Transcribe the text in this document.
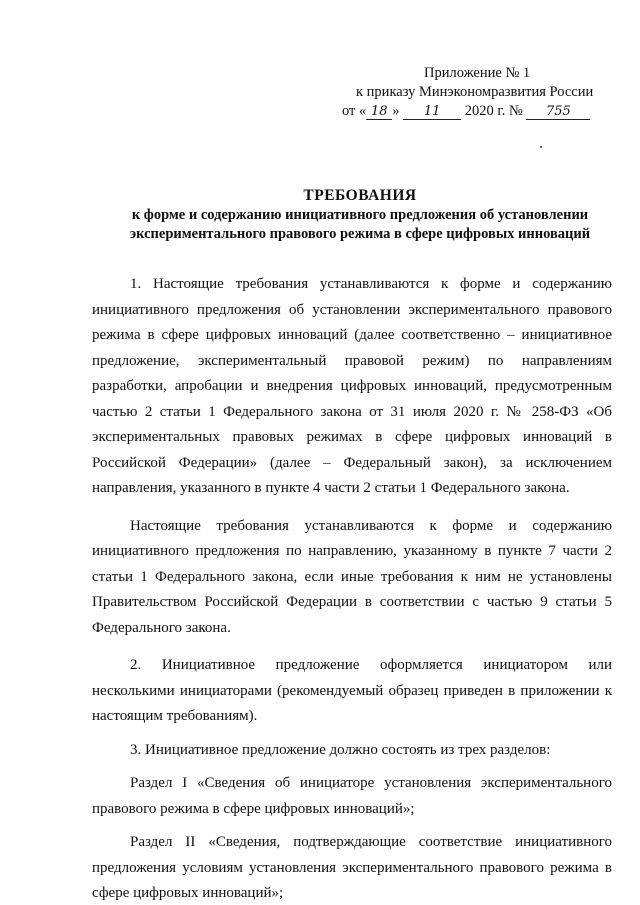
Приложение № 1
к приказу Минэкономразвития России
от « 18 » 11 2020 г. № 755
ТРЕБОВАНИЯ
к форме и содержанию инициативного предложения об установлении
экспериментального правового режима в сфере цифровых инноваций

1. Настоящие требования устанавливаются к форме и содержанию инициативного предложения об установлении экспериментального правового режима в сфере цифровых инноваций (далее соответственно – инициативное предложение, экспериментальный правовой режим) по направлениям разработки, апробации и внедрения цифровых инноваций, предусмотренным частью 2 статьи 1 Федерального закона от 31 июля 2020 г. № 258-ФЗ «Об экспериментальных правовых режимах в сфере цифровых инноваций в Российской Федерации» (далее – Федеральный закон), за исключением направления, указанного в пункте 4 части 2 статьи 1 Федерального закона.

Настоящие требования устанавливаются к форме и содержанию инициативного предложения по направлению, указанному в пункте 7 части 2 статьи 1 Федерального закона, если иные требования к ним не установлены Правительством Российской Федерации в соответствии с частью 9 статьи 5 Федерального закона.

2. Инициативное предложение оформляется инициатором или несколькими инициаторами (рекомендуемый образец приведен в приложении к настоящим требованиям).

3. Инициативное предложение должно состоять из трех разделов:

Раздел I «Сведения об инициаторе установления экспериментального правового режима в сфере цифровых инноваций»;

Раздел II «Сведения, подтверждающие соответствие инициативного предложения условиям установления экспериментального правового режима в сфере цифровых инноваций»;
